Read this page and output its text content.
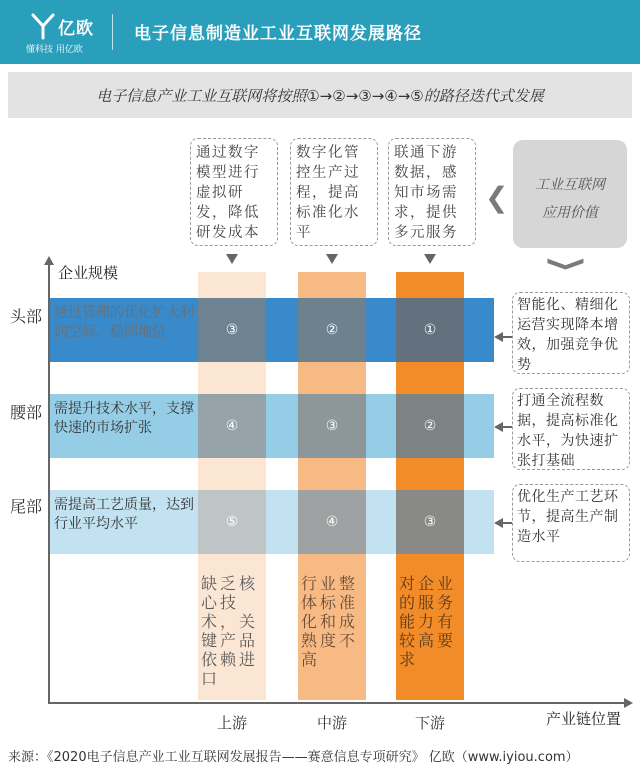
亿欧
懂科技 用亿欧
电子信息制造业工业互联网发展路径
电子信息产业工业互联网将按照①→②→③→④→⑤的路径迭代式发展
通过数字模型进行虚拟研发，降低研发成本
数字化管控生产过程，提高标准化水平
联通下游数据，感知市场需求，提供多元服务
❮	工业互联网
应用价值
❯
通过管理的优化扩大利润空间、稳固地位
需提升技术水平，支撑快速的市场扩张
需提高工艺质量，达到行业平均水平
③	②	①
④	③	②
⑤	④	③
头部
腰部
尾部
企业规模
产业链位置
缺乏核心技术，关键产品依赖进口
行业整体标准化和成熟度不高
对企业的服务能力有较高要求
上游	中游	下游
智能化、精细化运营实现降本增效，加强竞争优势
打通全流程数据，提高标准化水平，为快速扩张打基础
优化生产工艺环节，提高生产制造水平
来源：《2020电子信息产业工业互联网发展报告——赛意信息专项研究》 亿欧（www.iyiou.com）
